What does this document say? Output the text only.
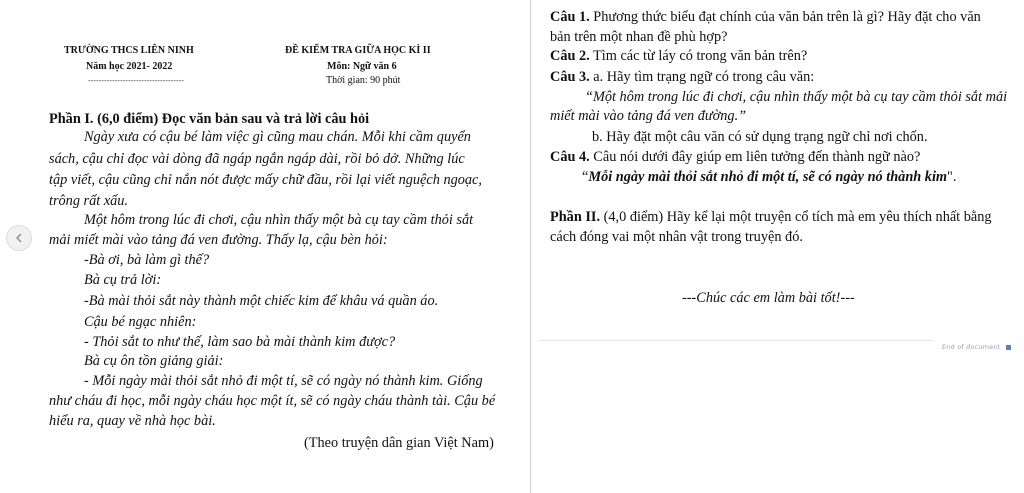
TRƯỜNG THCS LIÊN NINH
Năm học 2021- 2022
------------------------------------
ĐỀ KIỂM TRA GIỮA HỌC KÌ II
Môn: Ngữ văn 6
Thời gian: 90 phút
Phần I. (6,0 điểm) Đọc văn bản sau và trả lời câu hỏi
Ngày xưa có cậu bé làm việc gì cũng mau chán. Mỗi khi cầm quyển
sách, cậu chỉ đọc vài dòng đã ngáp ngắn ngáp dài, rồi bỏ dở. Những lúc
tập viết, cậu cũng chỉ nắn nót được mấy chữ đầu, rồi lại viết nguệch ngoạc,
trông rất xấu.
Một hôm trong lúc đi chơi, cậu nhìn thấy một bà cụ tay cầm thỏi sắt
mải miết mài vào tảng đá ven đường. Thấy lạ, cậu bèn hỏi:
-Bà ơi, bà làm gì thế?
Bà cụ trả lời:
-Bà mài thỏi sắt này thành một chiếc kim để khâu vá quần áo.
Cậu bé ngạc nhiên:
- Thỏi sắt to như thế, làm sao bà mài thành kim được?
Bà cụ ôn tồn giảng giải:
- Mỗi ngày mài thỏi sắt nhỏ đi một tí, sẽ có ngày nó thành kim. Giống
như cháu đi học, mỗi ngày cháu học một ít, sẽ có ngày cháu thành tài. Cậu bé
hiểu ra, quay về nhà học bài.
(Theo truyện dân gian Việt Nam)
Câu 1. Phương thức biểu đạt chính của văn bản trên là gì? Hãy đặt cho văn
bản trên một nhan đề phù hợp?
Câu 2. Tìm các từ láy có trong văn bản trên?
Câu 3. a. Hãy tìm trạng ngữ có trong câu văn:
“Một hôm trong lúc đi chơi, cậu nhìn thấy một bà cụ tay cầm thỏi sắt mải
miết mài vào tảng đá ven đường.”
b. Hãy đặt một câu văn có sử dụng trạng ngữ chỉ nơi chốn.
Câu 4. Câu nói dưới đây giúp em liên tưởng đến thành ngữ nào?
“Mỗi ngày mài thỏi sắt nhỏ đi một tí, sẽ có ngày nó thành kim".
Phần II. (4,0 điểm) Hãy kể lại một truyện cổ tích mà em yêu thích nhất bằng
cách đóng vai một nhân vật trong truyện đó.
---Chúc các em làm bài tốt!---
End of document
